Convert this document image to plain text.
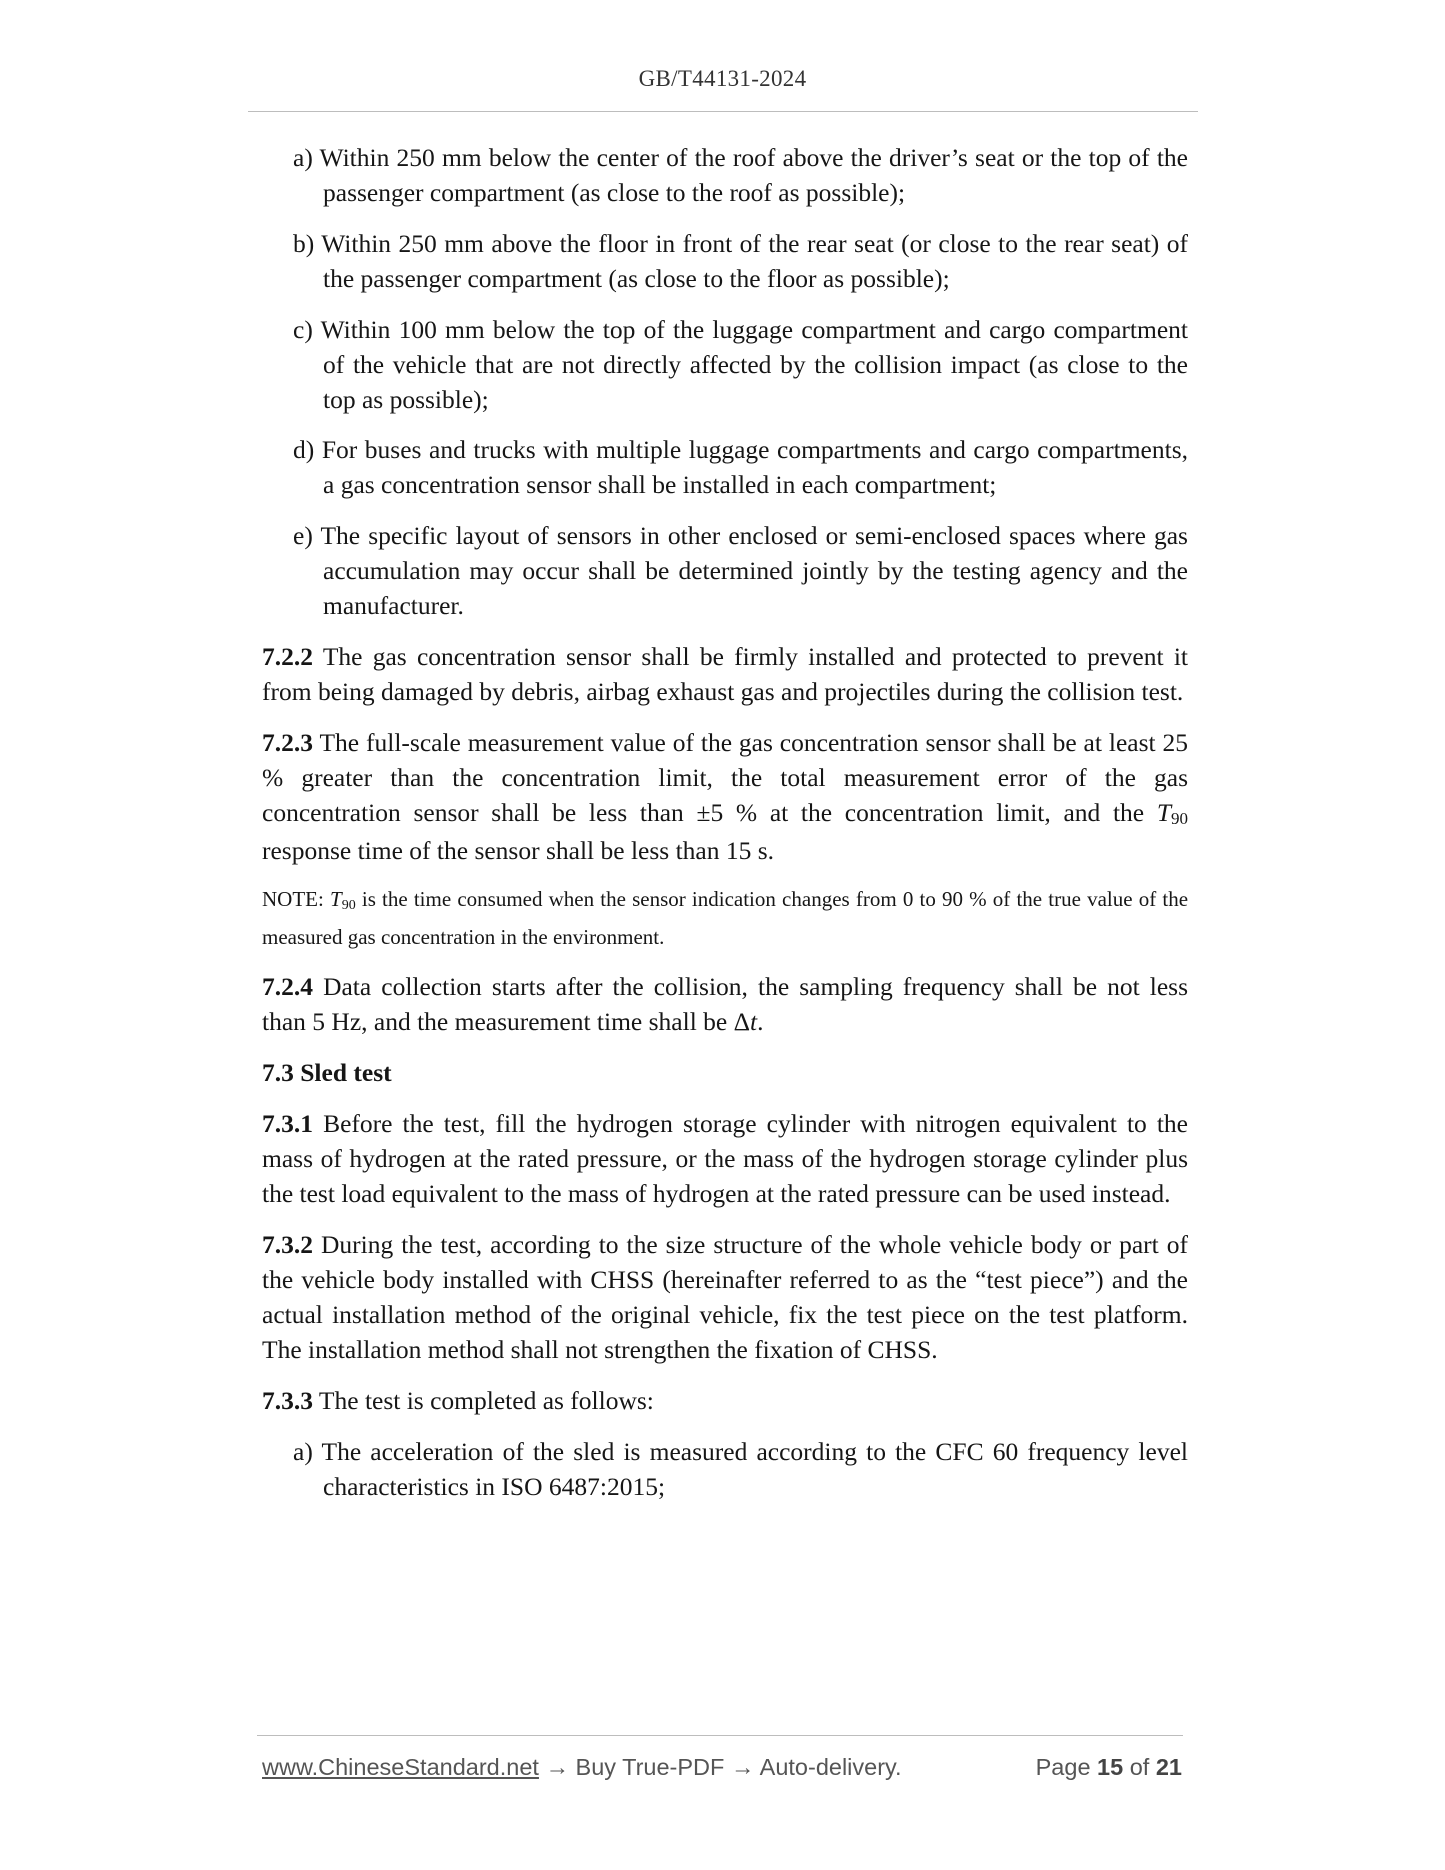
GB/T44131-2024
a) Within 250 mm below the center of the roof above the driver’s seat or the top of the passenger compartment (as close to the roof as possible);
b) Within 250 mm above the floor in front of the rear seat (or close to the rear seat) of the passenger compartment (as close to the floor as possible);
c) Within 100 mm below the top of the luggage compartment and cargo compartment of the vehicle that are not directly affected by the collision impact (as close to the top as possible);
d) For buses and trucks with multiple luggage compartments and cargo compartments, a gas concentration sensor shall be installed in each compartment;
e) The specific layout of sensors in other enclosed or semi-enclosed spaces where gas accumulation may occur shall be determined jointly by the testing agency and the manufacturer.
7.2.2 The gas concentration sensor shall be firmly installed and protected to prevent it from being damaged by debris, airbag exhaust gas and projectiles during the collision test.
7.2.3 The full-scale measurement value of the gas concentration sensor shall be at least 25 % greater than the concentration limit, the total measurement error of the gas concentration sensor shall be less than ±5 % at the concentration limit, and the $T_{90}$ response time of the sensor shall be less than 15 s.
NOTE: $T_{90}$ is the time consumed when the sensor indication changes from 0 to 90 % of the true value of the measured gas concentration in the environment.
7.2.4 Data collection starts after the collision, the sampling frequency shall be not less than 5 Hz, and the measurement time shall be Δt.
7.3 Sled test
7.3.1 Before the test, fill the hydrogen storage cylinder with nitrogen equivalent to the mass of hydrogen at the rated pressure, or the mass of the hydrogen storage cylinder plus the test load equivalent to the mass of hydrogen at the rated pressure can be used instead.
7.3.2 During the test, according to the size structure of the whole vehicle body or part of the vehicle body installed with CHSS (hereinafter referred to as the “test piece”) and the actual installation method of the original vehicle, fix the test piece on the test platform. The installation method shall not strengthen the fixation of CHSS.
7.3.3 The test is completed as follows:
a) The acceleration of the sled is measured according to the CFC 60 frequency level characteristics in ISO 6487:2015;
www.ChineseStandard.net → Buy True-PDF → Auto-delivery.	Page 15 of 21
